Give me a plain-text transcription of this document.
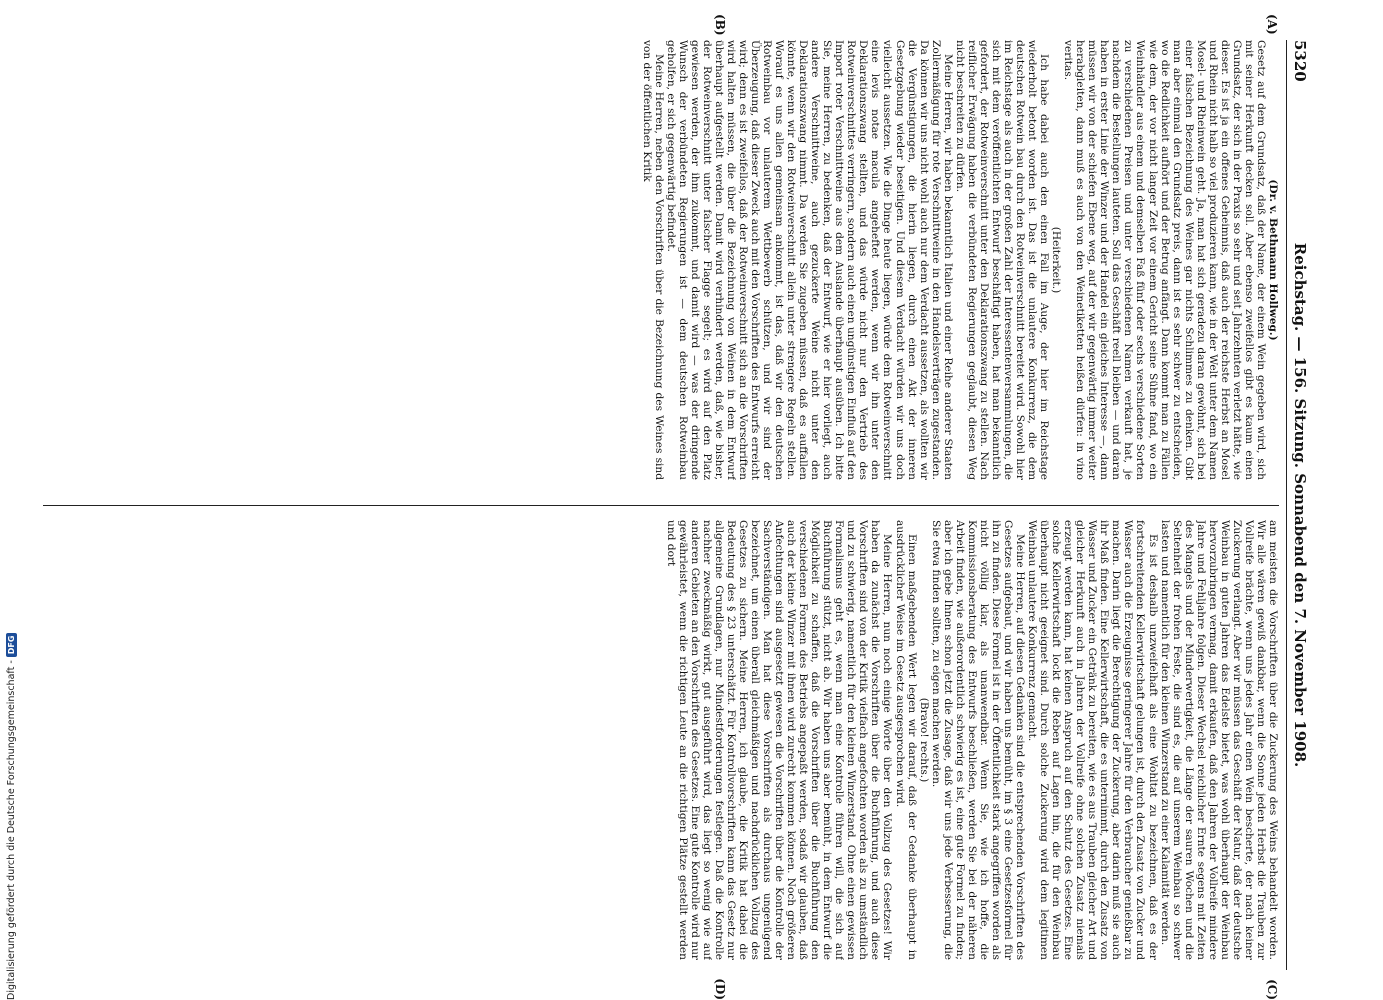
5320
Reichstag. — 156. Sitzung. Sonnabend den 7. November 1908.
(A)
(B)
(C)
(D)

(Dr. v. Bethmann Hollweg.)

Gesetz auf dem Grundsatz, daß der Name, der einem Wein gegeben wird, sich mit seiner Herkunft decken soll. Aber ebenso zweifellos gibt es kaum einen Grundsatz, der sich in der Praxis so sehr und seit Jahrzehnten verletzt hätte, wie dieser. Es ist ja ein offenes Geheimnis, daß auch der reichste Herbst an Mosel und Rhein nicht halb so viel produzieren kann, wie in der Welt unter dem Namen Mosel- und Rheinwein geht. Ja, man hat sich geradezu daran gewöhnt, sich bei einer falschen Bezeichnung des Weines gar nichts Schlimmes zu denken. Gibt man aber einmal den Grundsatz preis, dann ist es sehr schwer zu entscheiden, wo die Redlichkeit aufhört und der Betrug anfängt. Dann kommt man zu Fällen wie dem, der vor nicht langer Zeit vor einem Gericht seine Sühne fand, wo ein Weinhändler aus einem und demselben Faß fünf oder sechs verschiedene Sorten zu verschiedenen Preisen und unter verschiedenen Namen verkauft hat, je nachdem die Bestellungen lauteten. Soll das Geschäft reell bleiben — und daran haben in erster Linie der Winzer und der Handel ein gleiches Interesse —, dann müssen wir von der schiefen Ebene weg, auf der wir gegenwärtig immer weiter herabgleiten, dann muß es auch von den Weinetiketten heißen dürfen: in vino veritas.

(Heiterkeit.)

Ich habe dabei auch den einen Fall im Auge, der hier im Reichstage wiederholt betont worden ist. Das ist die unlautere Konkurrenz, die dem deutschen Rotwein bau durch den Rotweinverschnitt bereitet wird. Sowohl hier im Reichstage als auch in der großen Zahl der Interessentenversammlungen, die sich mit dem veröffentlichten Entwurf beschäftigt haben, hat man bekanntlich gefordert, der Rotweinverschnitt unter den Deklarationszwang zu stellen. Nach reiflicher Erwägung haben die verbündeten Regierungen geglaubt, diesen Weg nicht beschreiten zu dürfen.

Meine Herren, wir haben bekanntlich Italien und einer Reihe anderer Staaten Zollermäßigung für rote Verschnittweine in den Handelsverträgen zugestanden. Da können wir uns nicht wohl auch nur dem Verdacht aussetzen, als wollten wir die Vergünstigungen, die hierin liegen, durch einen Akt der inneren Gesetzgebung wieder beseitigen. Und diesem Verdacht würden wir uns doch vielleicht aussetzen. Wie die Dinge heute liegen, würde dem Rotweinverschnitt eine levis notae macula angeheftet werden, wenn wir ihn unter den Deklarationszwang stellten, und das würde nicht nur den Vertrieb des Rotweinverschnittes verringern, sondern auch einen ungünstigen Einfluß auf den Import roter Verschnittweine aus dem Auslande überhaupt ausüben. Ich bitte Sie, meine Herren, zu bedenken, daß der Entwurf, wie er hier vorliegt, auch andere Verschnittweine, auch gezuckerte Weine nicht unter den Deklarationszwang nimmt. Da werden Sie zugeben müssen, daß es auffallen könnte, wenn wir den Rotweinverschnitt allein unter strengere Regeln stellen. Worauf es uns allen gemeinsam ankommt, ist das, daß wir den deutschen Rotweinbau vor unlauterem Wettbewerb schützen, und wir sind der Überzeugung, daß dieser Zweck auch mit den Vorschriften des Entwurfs erreicht wird; denn es ist zweifellos, daß der Rotweinverschnitt sich an die Vorschriften wird halten müssen, die über die Bezeichnung von Weinen in dem Entwurf überhaupt aufgestellt werden. Damit wird verhindert werden, daß, wie bisher, der Rotweinverschnitt unter falscher Flagge segelt; es wird auf den Platz gewiesen werden, der ihm zukommt, und damit wird — was der dringende Wunsch der verbündeten Regierungen ist — dem deutschen Rotweinbau geholfen, er sich gegenwärtig befindet.

Meine Herren, neben den Vorschriften über die Bezeichnung des Weines sind von der öffentlichen Kritik

am meisten die Vorschriften über die Zuckerung des Weins behandelt worden. Wir alle wären gewiß dankbar, wenn die Sonne jeden Herbst die Trauben zur Vollreife brächte, wenn uns jedes Jahr einen Wein bescherte, der nach keiner Zuckerung verlangt. Aber wir müssen das Geschäft der Natur, daß der deutsche Weinbau in guten Jahren das Edelste bietet, was wohl überhaupt der Weinbau hervorzubringen vermag, damit erkaufen, daß den Jahren der Vollreife mindere Jahre und Fehljahre folgen. Dieser Wechsel reichlicher Ernte segens mit Zeiten des Mangels und der Minderwertigkeit, die Länge der sauren Wochen und die Seltenheit der frohen Feste, die sind es, die auf unserem Weinbau so schwer lasten und namentlich für den kleinen Winzerstand zu einer Kalamität werden.

Es ist deshalb unzweifelhaft als eine Wohltat zu bezeichnen, daß es der fortschreitenden Kellerwirtschaft gelungen ist, durch den Zusatz von Zucker und Wasser auch die Erzeugnisse geringerer Jahre für den Verbraucher genießbar zu machen. Darin liegt die Berechtigung der Zuckerung, aber darin muß sie auch ihr Maß finden. Eine Kellerwirtschaft, die es unternimmt, durch den Zusatz von Wasser und Zucker ein Getränk zu bereiten, wie es aus Trauben gleicher Art und gleicher Herkunft auch in Jahren der Vollreife ohne solchen Zusatz niemals erzeugt werden kann, hat keinen Anspruch auf den Schutz des Gesetzes. Eine solche Kellerwirtschaft lockt die Reben auf Lagen hin, die für den Weinbau überhaupt nicht geeignet sind. Durch solche Zuckerung wird dem legitimen Weinbau unlautere Konkurrenz gemacht.

Meine Herren, auf diesen Gedanken sind die entsprechenden Vorschriften des Gesetzes aufgebaut, und wir haben uns bemüht, im § 3 eine Gesetzesformel für ihn zu finden. Diese Formel ist in der Öffentlichkeit stark angegriffen worden als nicht völlig klar, als unanwendbar. Wenn Sie, wie ich hoffe, die Kommissionsberatung des Entwurfs beschließen, werden Sie bei der näheren Arbeit finden, wie außerordentlich schwierig es ist, eine gute Formel zu finden; aber ich gebe Ihnen schon jetzt die Zusage, daß wir uns jede Verbesserung, die Sie etwa finden sollten, zu eigen machen werden.

(Bravo! rechts.)

Einen maßgebenden Wert legen wir darauf, daß der Gedanke überhaupt in ausdrücklicher Weise im Gesetz ausgesprochen wird.

Meine Herren, nun noch einige Worte über den Vollzug des Gesetzes! Wir haben da zunächst die Vorschriften über die Buchführung, und auch diese Vorschriften sind von der Kritik vielfach angefochten worden als zu umständlich und zu schwierig, namentlich für den kleinen Winzerstand. Ohne einen gewissen Formalismus geht es, wenn man eine Kontrolle führen will, die sich auf Buchführung stützt, nicht ab. Wir haben uns aber bemüht, in dem Entwurf die Möglichkeit zu schaffen, daß die Vorschriften über die Buchführung den verschiedenen Formen des Betriebs angepaßt werden, sodaß wir glauben, daß auch der kleine Winzer mit ihnen wird zurecht kommen können. Noch größeren Anfechtungen sind ausgesetzt gewesen die Vorschriften über die Kontrolle der Sachverständigen. Man hat diese Vorschriften als durchaus ungenügend bezeichnet, um einen überall gleichmäßigen und nachdrücklichen Vollzug des Gesetzes zu sichern. Meine Herren, ich glaube, die Kritik hat dabei die Bedeutung des § 23 unterschätzt. Für Kontrollvorschriften kann das Gesetz nur allgemeine Grundlagen, nur Mindestforderungen festlegen. Daß die Kontrolle nachher zweckmäßig wirkt, gut ausgeführt wird, das liegt so wenig wie auf anderen Gebieten an den Vorschriften des Gesetzes. Eine gute Kontrolle wird nur gewährleistet, wenn die richtigen Leute an die richtigen Plätze gestellt werden und dort

Digitalisierung gefördert durch die Deutsche Forschungsgemeinschaft -DFG
